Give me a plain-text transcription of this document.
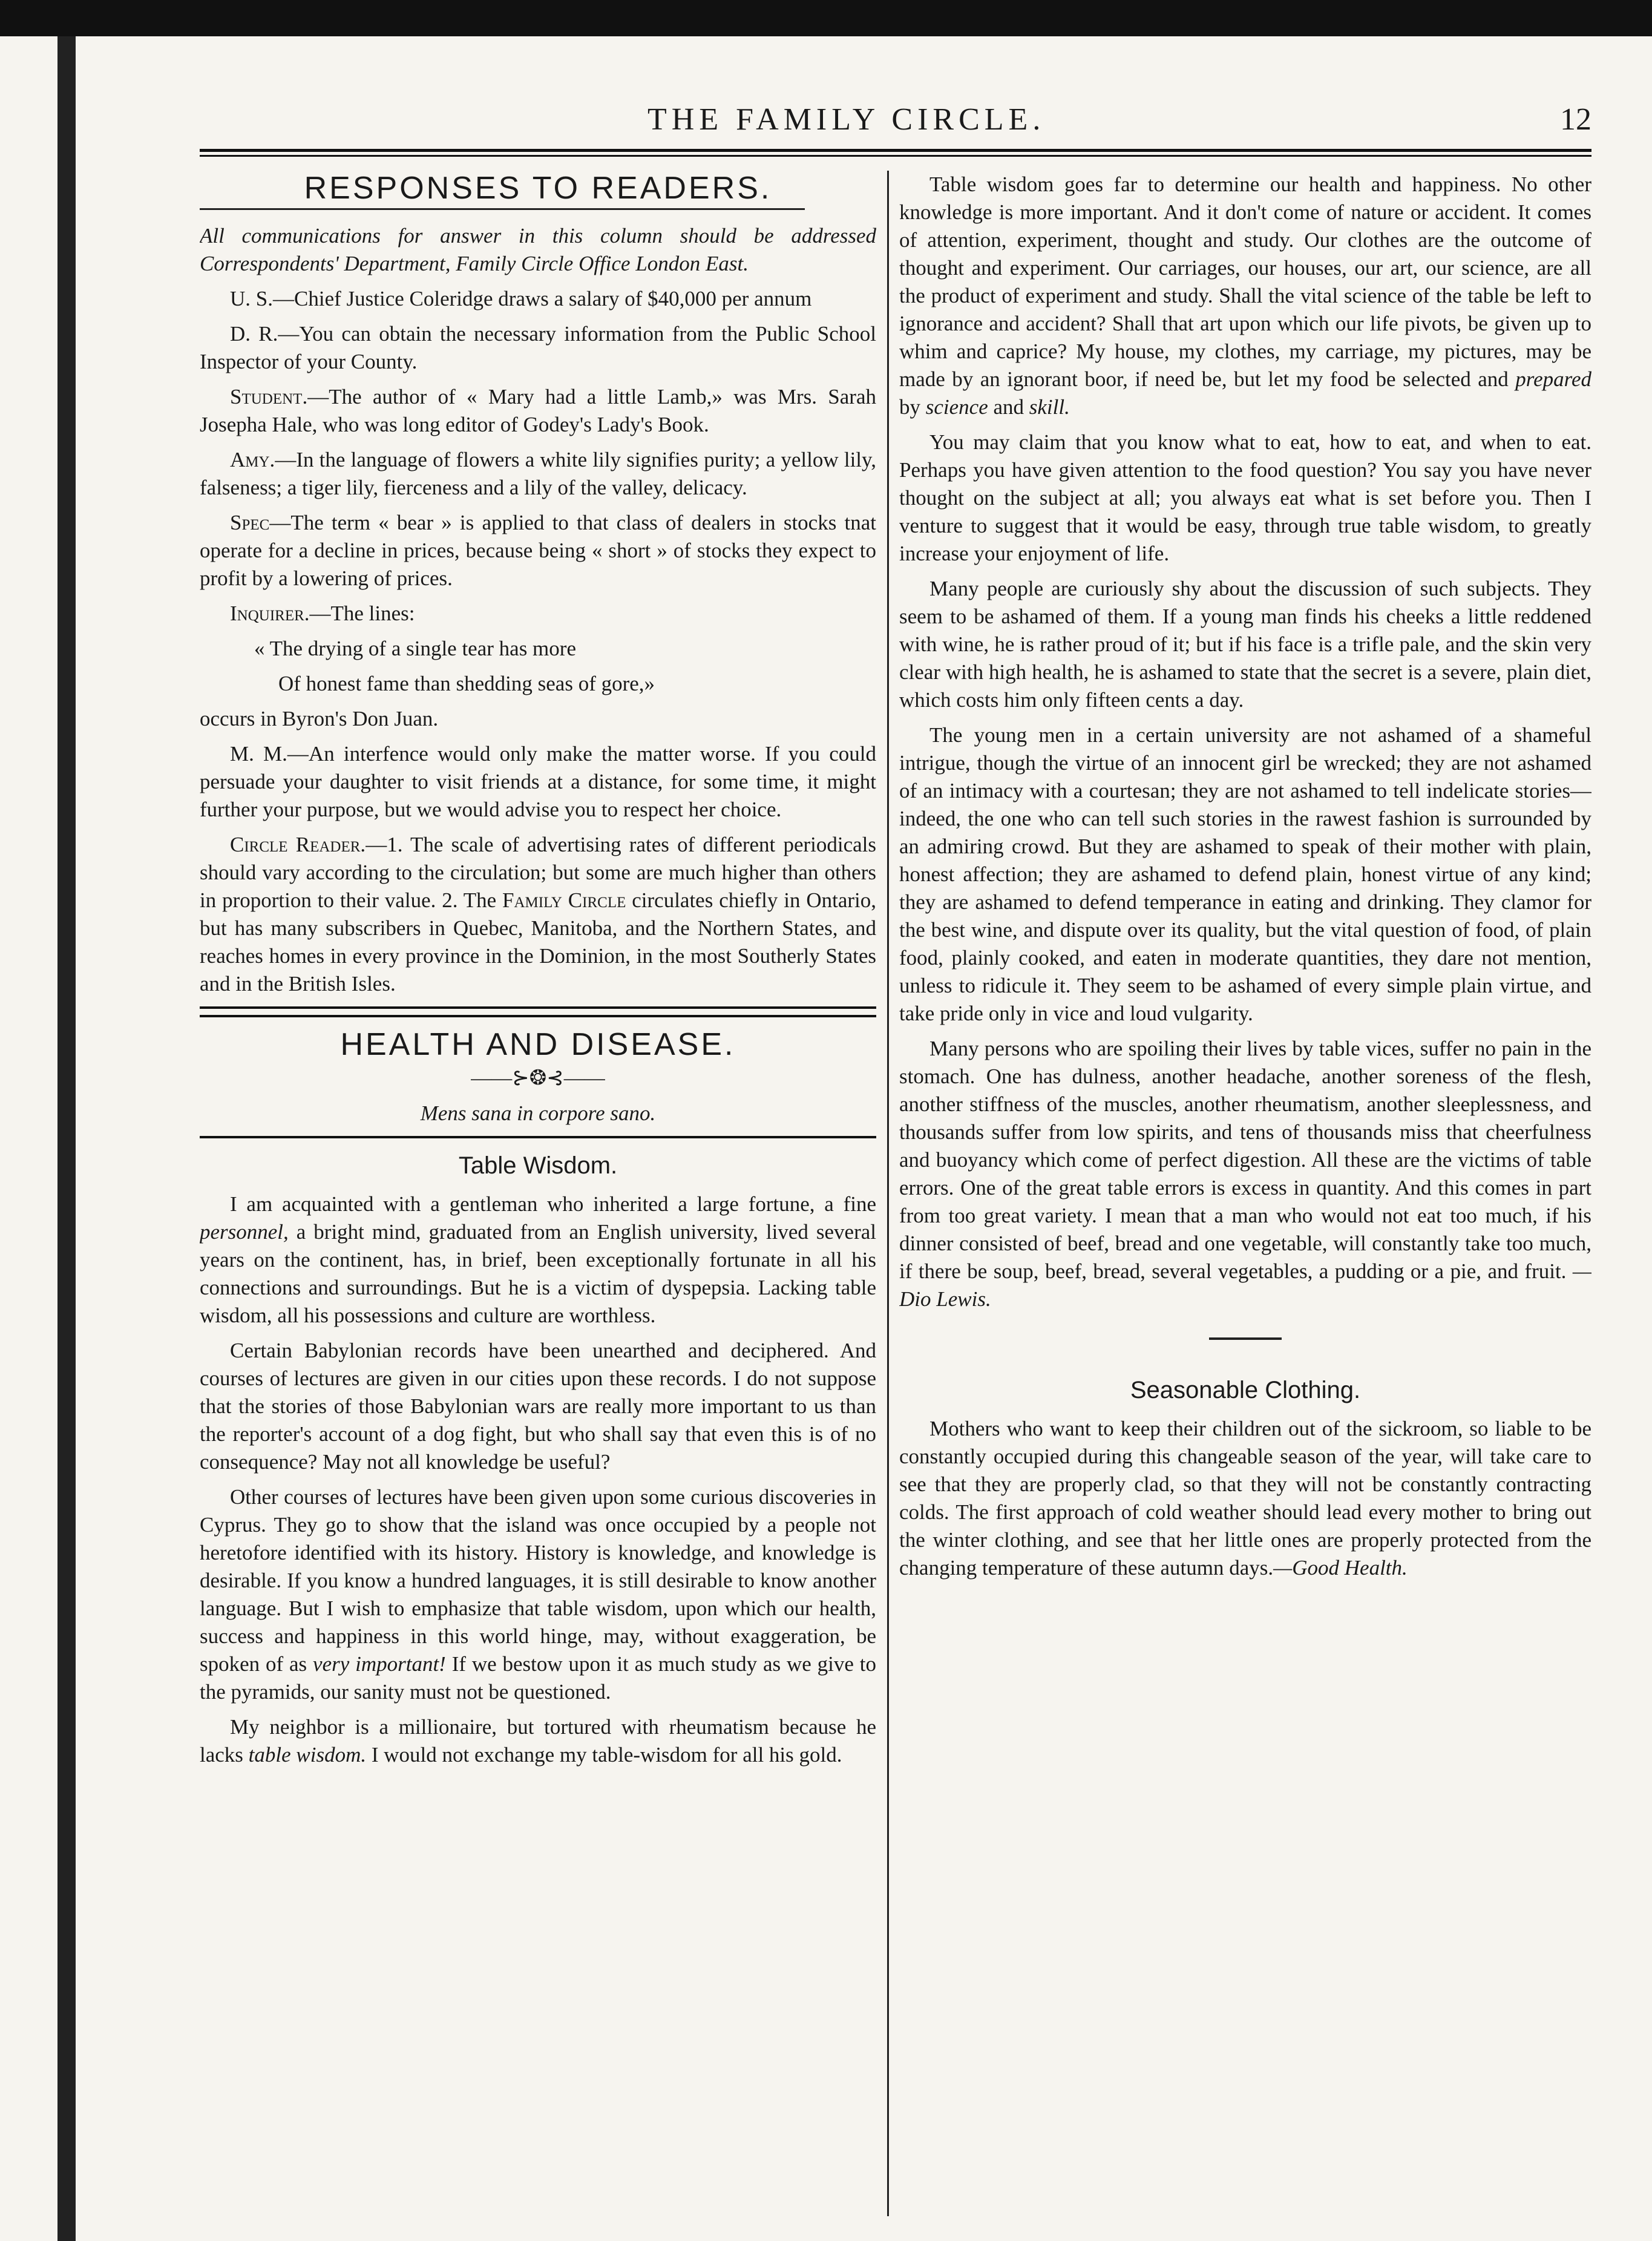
THE FAMILY CIRCLE.	12
RESPONSES TO READERS.

All communications for answer in this column should be addressed Correspondents' Department, Family Circle Office London East.

U. S.—Chief Justice Coleridge draws a salary of $40,000 per annum

D. R.—You can obtain the necessary information from the Public School Inspector of your County.

Student.—The author of « Mary had a little Lamb,» was Mrs. Sarah Josepha Hale, who was long editor of Godey's Lady's Book.

Amy.—In the language of flowers a white lily signifies purity; a yellow lily, falseness; a tiger lily, fierceness and a lily of the valley, delicacy.

Spec—The term « bear » is applied to that class of dealers in stocks tnat operate for a decline in prices, because being « short » of stocks they expect to profit by a lowering of prices.

Inquirer.—The lines:

« The drying of a single tear has more

Of honest fame than shedding seas of gore,»

occurs in Byron's Don Juan.

M. M.—An interfence would only make the matter worse. If you could persuade your daughter to visit friends at a distance, for some time, it might further your purpose, but we would advise you to respect her choice.

Circle Reader.—1. The scale of advertising rates of different periodicals should vary according to the circulation; but some are much higher than others in proportion to their value. 2. The Family Circle circulates chiefly in Ontario, but has many subscribers in Quebec, Manitoba, and the Northern States, and reaches homes in every province in the Dominion, in the most Southerly States and in the British Isles.

HEALTH AND DISEASE.

——⊱❂⊰——

Mens sana in corpore sano.

Table Wisdom.

I am acquainted with a gentleman who inherited a large fortune, a fine personnel, a bright mind, graduated from an English university, lived several years on the continent, has, in brief, been exceptionally fortunate in all his connections and surroundings. But he is a victim of dyspepsia. Lacking table wisdom, all his possessions and culture are worthless.

Certain Babylonian records have been unearthed and deciphered. And courses of lectures are given in our cities upon these records. I do not suppose that the stories of those Babylonian wars are really more important to us than the reporter's account of a dog fight, but who shall say that even this is of no consequence? May not all knowledge be useful?

Other courses of lectures have been given upon some curious discoveries in Cyprus. They go to show that the island was once occupied by a people not heretofore identified with its history. History is knowledge, and knowledge is desirable. If you know a hundred languages, it is still desirable to know another language. But I wish to emphasize that table wisdom, upon which our health, success and happiness in this world hinge, may, without exaggeration, be spoken of as very important! If we bestow upon it as much study as we give to the pyramids, our sanity must not be questioned.

My neighbor is a millionaire, but tortured with rheumatism because he lacks table wisdom. I would not exchange my table-wisdom for all his gold.

Table wisdom goes far to determine our health and happiness. No other knowledge is more important. And it don't come of nature or accident. It comes of attention, experiment, thought and study. Our clothes are the outcome of thought and experiment. Our carriages, our houses, our art, our science, are all the product of experiment and study. Shall the vital science of the table be left to ignorance and accident? Shall that art upon which our life pivots, be given up to whim and caprice? My house, my clothes, my carriage, my pictures, may be made by an ignorant boor, if need be, but let my food be selected and prepared by science and skill.

You may claim that you know what to eat, how to eat, and when to eat. Perhaps you have given attention to the food question? You say you have never thought on the subject at all; you always eat what is set before you. Then I venture to suggest that it would be easy, through true table wisdom, to greatly increase your enjoyment of life.

Many people are curiously shy about the discussion of such subjects. They seem to be ashamed of them. If a young man finds his cheeks a little reddened with wine, he is rather proud of it; but if his face is a trifle pale, and the skin very clear with high health, he is ashamed to state that the secret is a severe, plain diet, which costs him only fifteen cents a day.

The young men in a certain university are not ashamed of a shameful intrigue, though the virtue of an innocent girl be wrecked; they are not ashamed of an intimacy with a courtesan; they are not ashamed to tell indelicate stories—indeed, the one who can tell such stories in the rawest fashion is surrounded by an admiring crowd. But they are ashamed to speak of their mother with plain, honest affection; they are ashamed to defend plain, honest virtue of any kind; they are ashamed to defend temperance in eating and drinking. They clamor for the best wine, and dispute over its quality, but the vital question of food, of plain food, plainly cooked, and eaten in moderate quantities, they dare not mention, unless to ridicule it. They seem to be ashamed of every simple plain virtue, and take pride only in vice and loud vulgarity.

Many persons who are spoiling their lives by table vices, suffer no pain in the stomach. One has dulness, another headache, another soreness of the flesh, another stiffness of the muscles, another rheumatism, another sleeplessness, and thousands suffer from low spirits, and tens of thousands miss that cheerfulness and buoyancy which come of perfect digestion. All these are the victims of table errors. One of the great table errors is excess in quantity. And this comes in part from too great variety. I mean that a man who would not eat too much, if his dinner consisted of beef, bread and one vegetable, will constantly take too much, if there be soup, beef, bread, several vegetables, a pudding or a pie, and fruit. —Dio Lewis.

Seasonable Clothing.

Mothers who want to keep their children out of the sickroom, so liable to be constantly occupied during this changeable season of the year, will take care to see that they are properly clad, so that they will not be constantly contracting colds. The first approach of cold weather should lead every mother to bring out the winter clothing, and see that her little ones are properly protected from the changing temperature of these autumn days.—Good Health.
